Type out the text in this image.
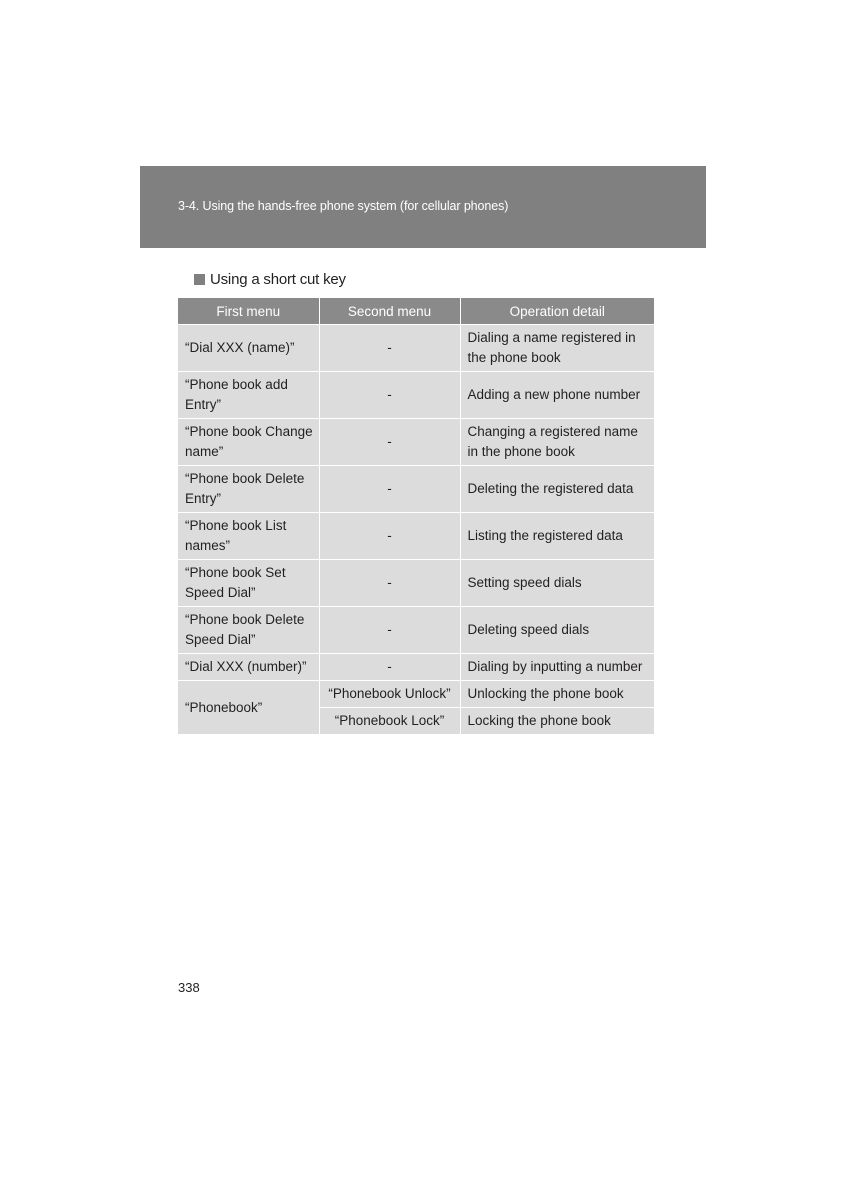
3-4. Using the hands-free phone system (for cellular phones)
Using a short cut key
First menu	Second menu	Operation detail
“Dial XXX (name)”	-	Dialing a name registered in the phone book
“Phone book add Entry”	-	Adding a new phone number
“Phone book Change name”	-	Changing a registered name in the phone book
“Phone book Delete Entry”	-	Deleting the registered data
“Phone book List names”	-	Listing the registered data
“Phone book Set Speed Dial”	-	Setting speed dials
“Phone book Delete Speed Dial”	-	Deleting speed dials
“Dial XXX (number)”	-	Dialing by inputting a number
“Phonebook”	“Phonebook Unlock”	Unlocking the phone book
	“Phonebook Lock”	Locking the phone book
338
